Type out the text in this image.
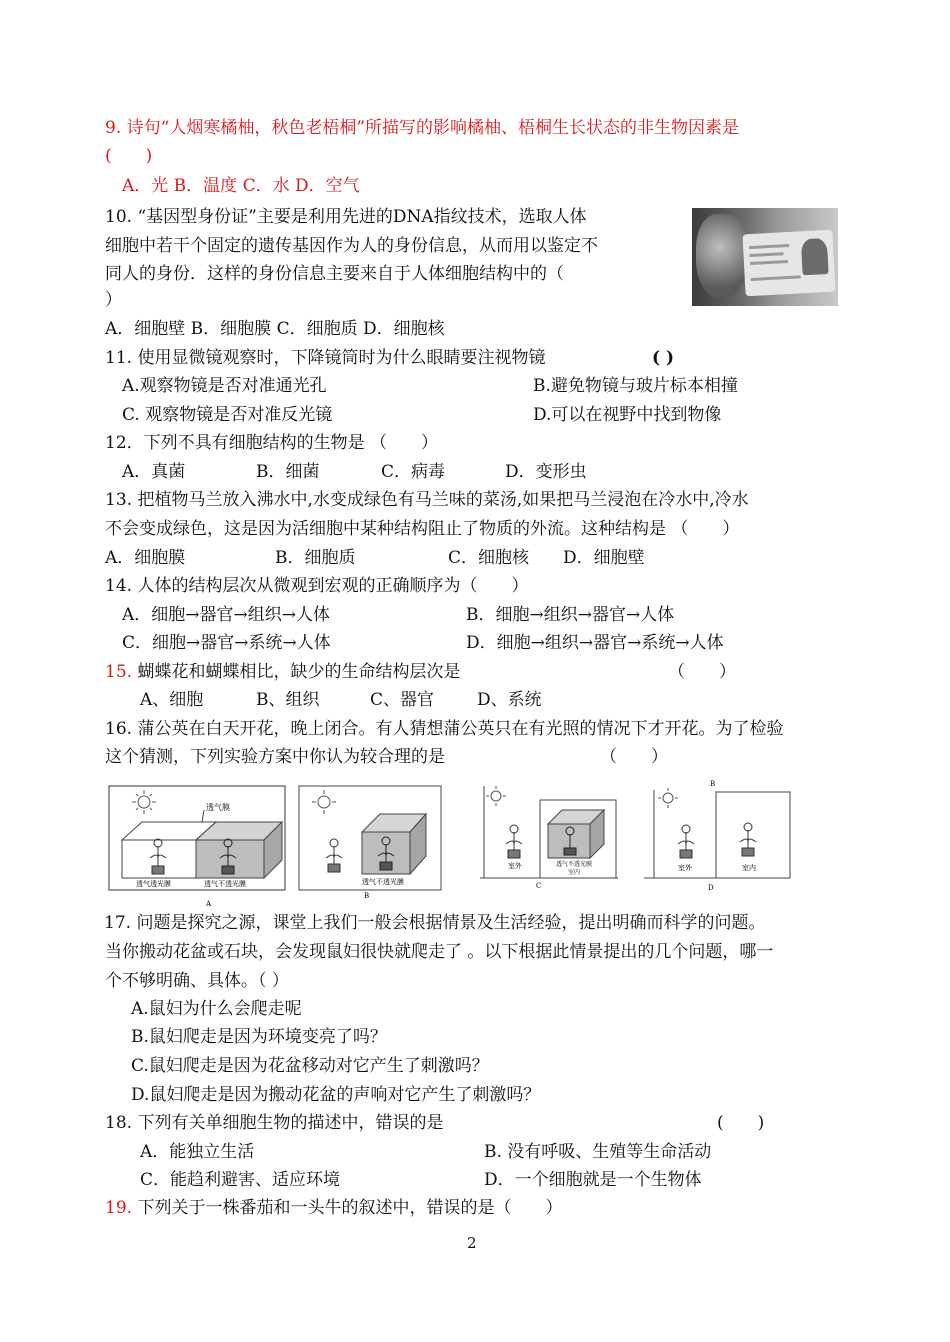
9. 诗句“人烟寒橘柚，秋色老梧桐”所描写的影响橘柚、梧桐生长状态的非生物因素是
(　　)
A．光 B．温度 C．水 D．空气
10. “基因型身份证”主要是利用先进的DNA指纹技术，选取人体
细胞中若干个固定的遗传基因作为人的身份信息，从而用以鉴定不
同人的身份．这样的身份信息主要来自于人体细胞结构中的（
）
A．细胞壁 B．细胞膜 C．细胞质 D．细胞核
11. 使用显微镜观察时，下降镜筒时为什么眼睛要注视物镜	( )
A.观察物镜是否对准通光孔	B.避免物镜与玻片标本相撞
C. 观察物镜是否对准反光镜	D.可以在视野中找到物像
12．下列不具有细胞结构的生物是 （　　）
A．真菌	B．细菌	C．病毒	D．变形虫
13. 把植物马兰放入沸水中,水变成绿色有马兰味的菜汤,如果把马兰浸泡在冷水中,冷水
不会变成绿色，这是因为活细胞中某种结构阻止了物质的外流。这种结构是 （　　）
A．细胞膜	B．细胞质	C．细胞核 D．细胞壁
14. 人体的结构层次从微观到宏观的正确顺序为（　　）
A．细胞→器官→组织→人体	B．细胞→组织→器官→人体
C．细胞→器官→系统→人体	D．细胞→组织→器官→系统→人体
15. 蝴蝶花和蝴蝶相比，缺少的生命结构层次是	（　　）
A、细胞	B、组织	C、器官	D、系统
16. 蒲公英在白天开花，晚上闭合。有人猜想蒲公英只在有光照的情况下才开花。为了检验
这个猜测，下列实验方案中你认为较合理的是	（　　）
透气膜
透气透光膜	透气不透光膜
A
透气不透光膜
B
室外	透气不透光膜
室内
C
B
室外	室内
D
17. 问题是探究之源，课堂上我们一般会根据情景及生活经验，提出明确而科学的问题。
当你搬动花盆或石块，会发现鼠妇很快就爬走了 。以下根据此情景提出的几个问题，哪一
个不够明确、具体。（ ）
A.鼠妇为什么会爬走呢
B.鼠妇爬走是因为环境变亮了吗？
C.鼠妇爬走是因为花盆移动对它产生了刺激吗？
D.鼠妇爬走是因为搬动花盆的声响对它产生了刺激吗？
18. 下列有关单细胞生物的描述中，错误的是	(　　)
A．能独立生活	B. 没有呼吸、生殖等生命活动
C．能趋利避害、适应环境	D．一个细胞就是一个生物体
19. 下列关于一株番茄和一头牛的叙述中，错误的是（　　）
2
